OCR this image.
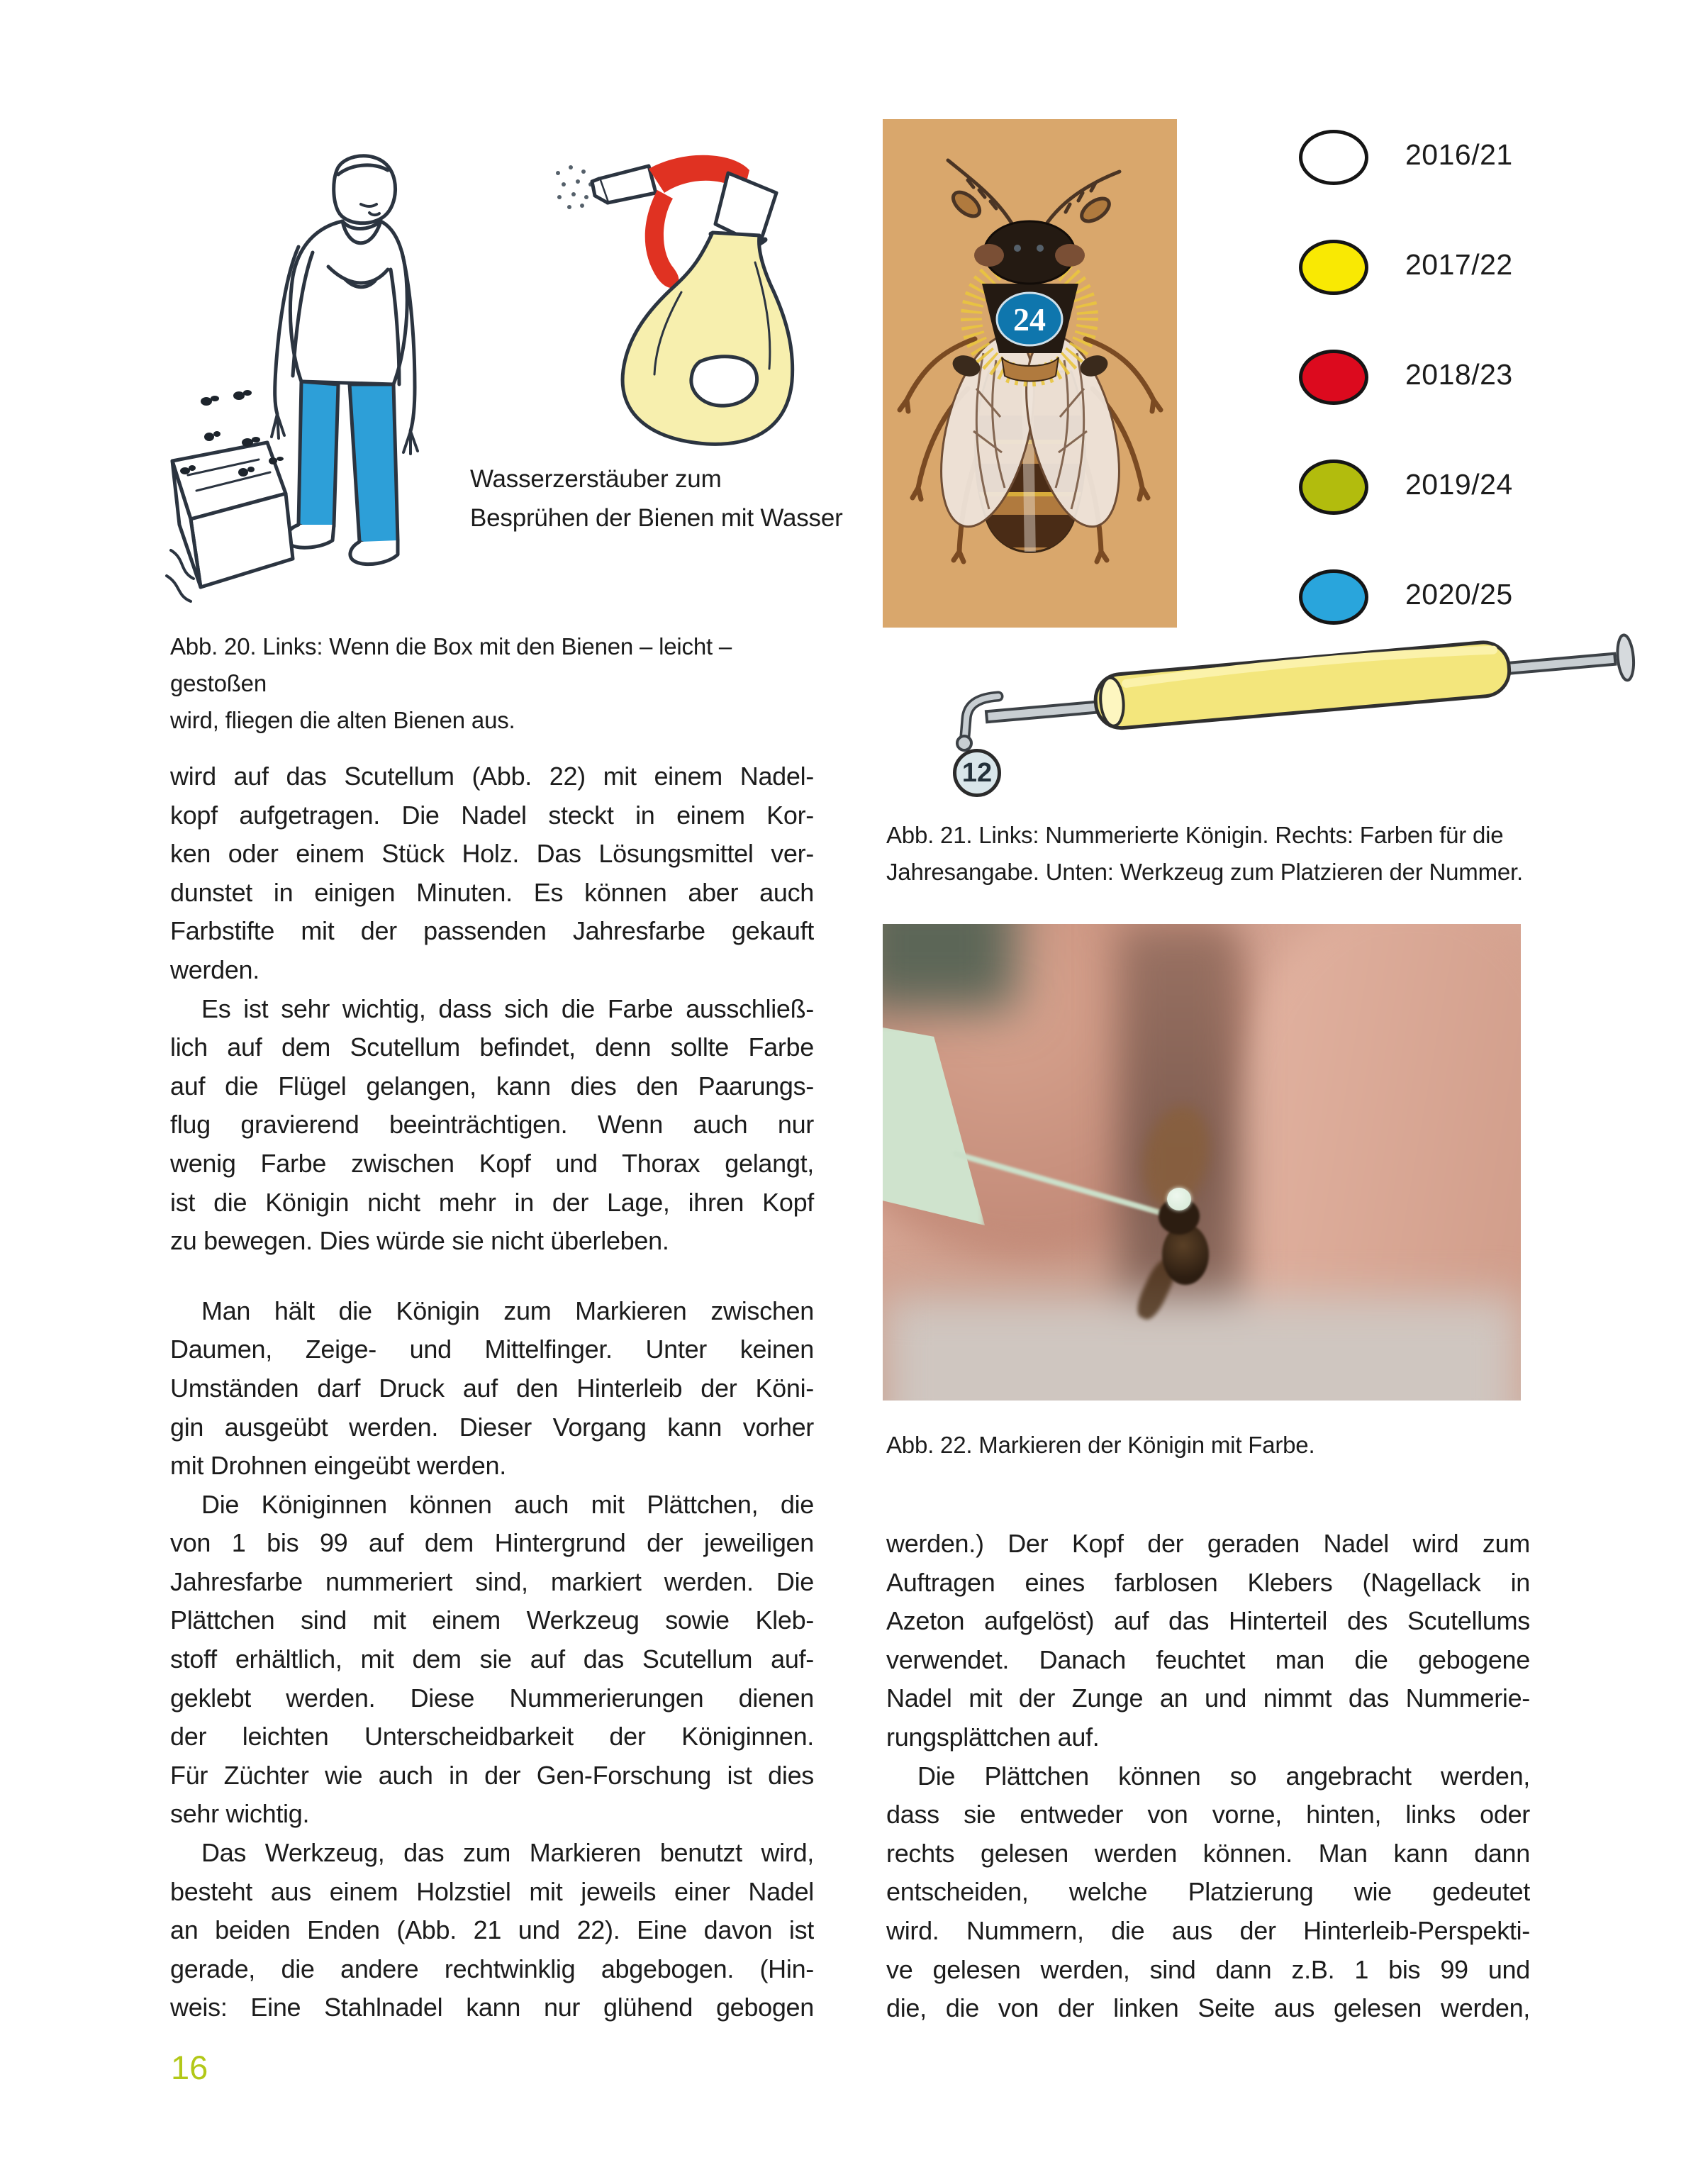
Wasserzerstäuber zum
Besprühen der Bienen mit Wasser
Abb. 20. Links: Wenn die Box mit den Bienen – leicht – gestoßen
wird, fliegen die alten Bienen aus.
24
2016/21
2017/22
2018/23
2019/24
2020/25
12
Abb. 21. Links: Nummerierte Königin. Rechts: Farben für die
Jahresangabe. Unten: Werkzeug zum Platzieren der Nummer.
Abb. 22. Markieren der Königin mit Farbe.
wird auf das Scutellum (Abb. 22) mit einem Nadel-
kopf aufgetragen. Die Nadel steckt in einem Kor-
ken oder einem Stück Holz. Das Lösungsmittel ver-
dunstet in einigen Minuten. Es können aber auch
Farbstifte mit der passenden Jahresfarbe gekauft
werden.
Es ist sehr wichtig, dass sich die Farbe ausschließ-
lich auf dem Scutellum befindet, denn sollte Farbe
auf die Flügel gelangen, kann dies den Paarungs-
flug gravierend beeinträchtigen. Wenn auch nur
wenig Farbe zwischen Kopf und Thorax gelangt,
ist die Königin nicht mehr in der Lage, ihren Kopf
zu bewegen. Dies würde sie nicht überleben.
Man hält die Königin zum Markieren zwischen
Daumen, Zeige- und Mittelfinger. Unter keinen
Umständen darf Druck auf den Hinterleib der Köni-
gin ausgeübt werden. Dieser Vorgang kann vorher
mit Drohnen eingeübt werden.
Die Königinnen können auch mit Plättchen, die
von 1 bis 99 auf dem Hintergrund der jeweiligen
Jahresfarbe nummeriert sind, markiert werden. Die
Plättchen sind mit einem Werkzeug sowie Kleb-
stoff erhältlich, mit dem sie auf das Scutellum auf-
geklebt werden. Diese Nummerierungen dienen
der leichten Unterscheidbarkeit der Königinnen.
Für Züchter wie auch in der Gen-Forschung ist dies
sehr wichtig.
Das Werkzeug, das zum Markieren benutzt wird,
besteht aus einem Holzstiel mit jeweils einer Nadel
an beiden Enden (Abb. 21 und 22). Eine davon ist
gerade, die andere rechtwinklig abgebogen. (Hin-
weis: Eine Stahlnadel kann nur glühend gebogen
werden.) Der Kopf der geraden Nadel wird zum
Auftragen eines farblosen Klebers (Nagellack in
Azeton aufgelöst) auf das Hinterteil des Scutellums
verwendet. Danach feuchtet man die gebogene
Nadel mit der Zunge an und nimmt das Nummerie-
rungsplättchen auf.
Die Plättchen können so angebracht werden,
dass sie entweder von vorne, hinten, links oder
rechts gelesen werden können. Man kann dann
entscheiden, welche Platzierung wie gedeutet
wird. Nummern, die aus der Hinterleib-Perspekti-
ve gelesen werden, sind dann z.B. 1 bis 99 und
die, die von der linken Seite aus gelesen werden,
16
